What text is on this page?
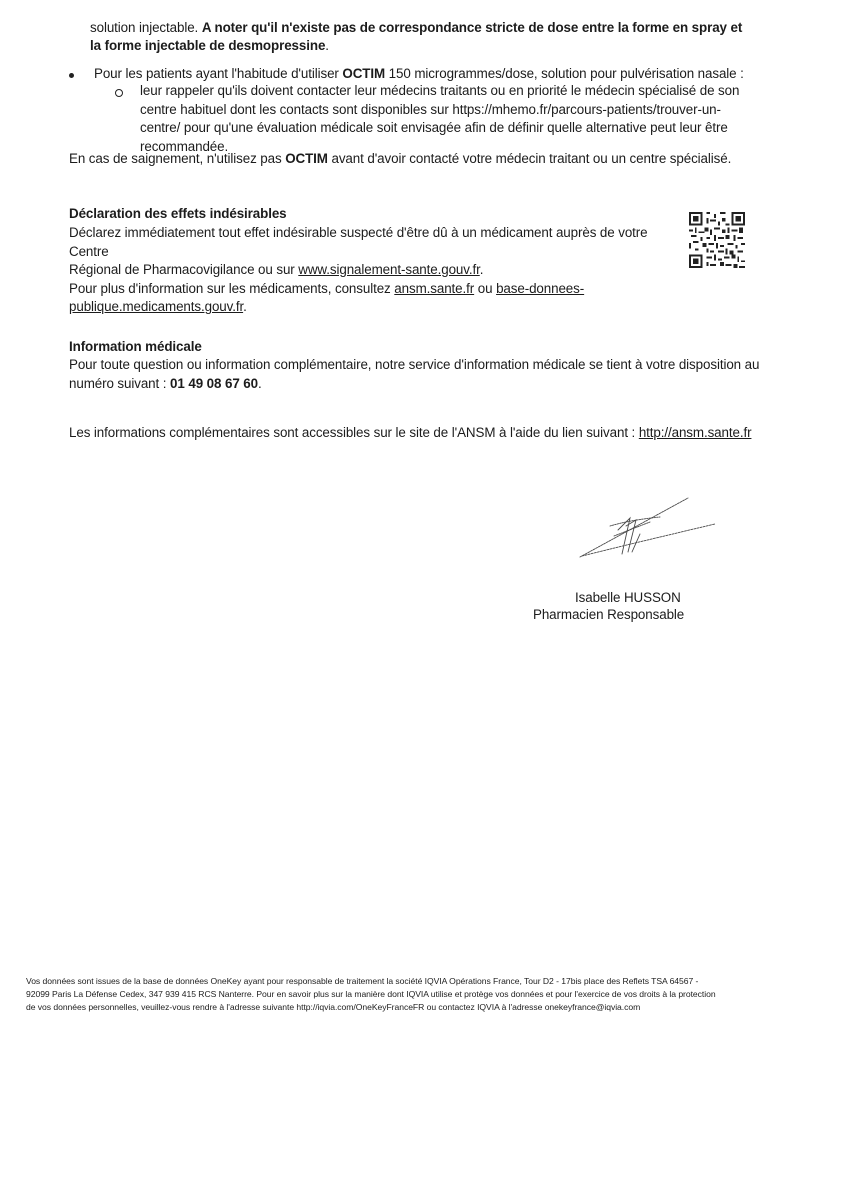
solution injectable. A noter qu'il n'existe pas de correspondance stricte de dose entre la forme en spray et
la forme injectable de desmopressine.
Pour les patients ayant l'habitude d'utiliser OCTIM 150 microgrammes/dose, solution pour pulvérisation nasale :
leur rappeler qu'ils doivent contacter leur médecins traitants ou en priorité le médecin spécialisé de son
centre habituel dont les contacts sont disponibles sur https://mhemo.fr/parcours-patients/trouver-un-
centre/ pour qu'une évaluation médicale soit envisagée afin de définir quelle alternative peut leur être
recommandée.
En cas de saignement, n'utilisez pas OCTIM avant d'avoir contacté votre médecin traitant ou un centre spécialisé.
Déclaration des effets indésirables
Déclarez immédiatement tout effet indésirable suspecté d'être dû à un médicament auprès de votre Centre
Régional de Pharmacovigilance ou sur www.signalement-sante.gouv.fr.
Pour plus d'information sur les médicaments, consultez ansm.sante.fr ou base-donnees-
publique.medicaments.gouv.fr.
Information médicale
Pour toute question ou information complémentaire, notre service d'information médicale se tient à votre disposition au
numéro suivant : 01 49 08 67 60.
Les informations complémentaires sont accessibles sur le site de l'ANSM à l'aide du lien suivant : http://ansm.sante.fr
Isabelle HUSSON
Pharmacien Responsable
Vos données sont issues de la base de données OneKey ayant pour responsable de traitement la société IQVIA Opérations France, Tour D2 - 17bis place des Reflets TSA 64567 -
92099 Paris La Défense Cedex, 347 939 415 RCS Nanterre. Pour en savoir plus sur la manière dont IQVIA utilise et protège vos données et pour l'exercice de vos droits à la protection
de vos données personnelles, veuillez-vous rendre à l'adresse suivante http://iqvia.com/OneKeyFranceFR ou contactez IQVIA à l'adresse onekeyfrance@iqvia.com
